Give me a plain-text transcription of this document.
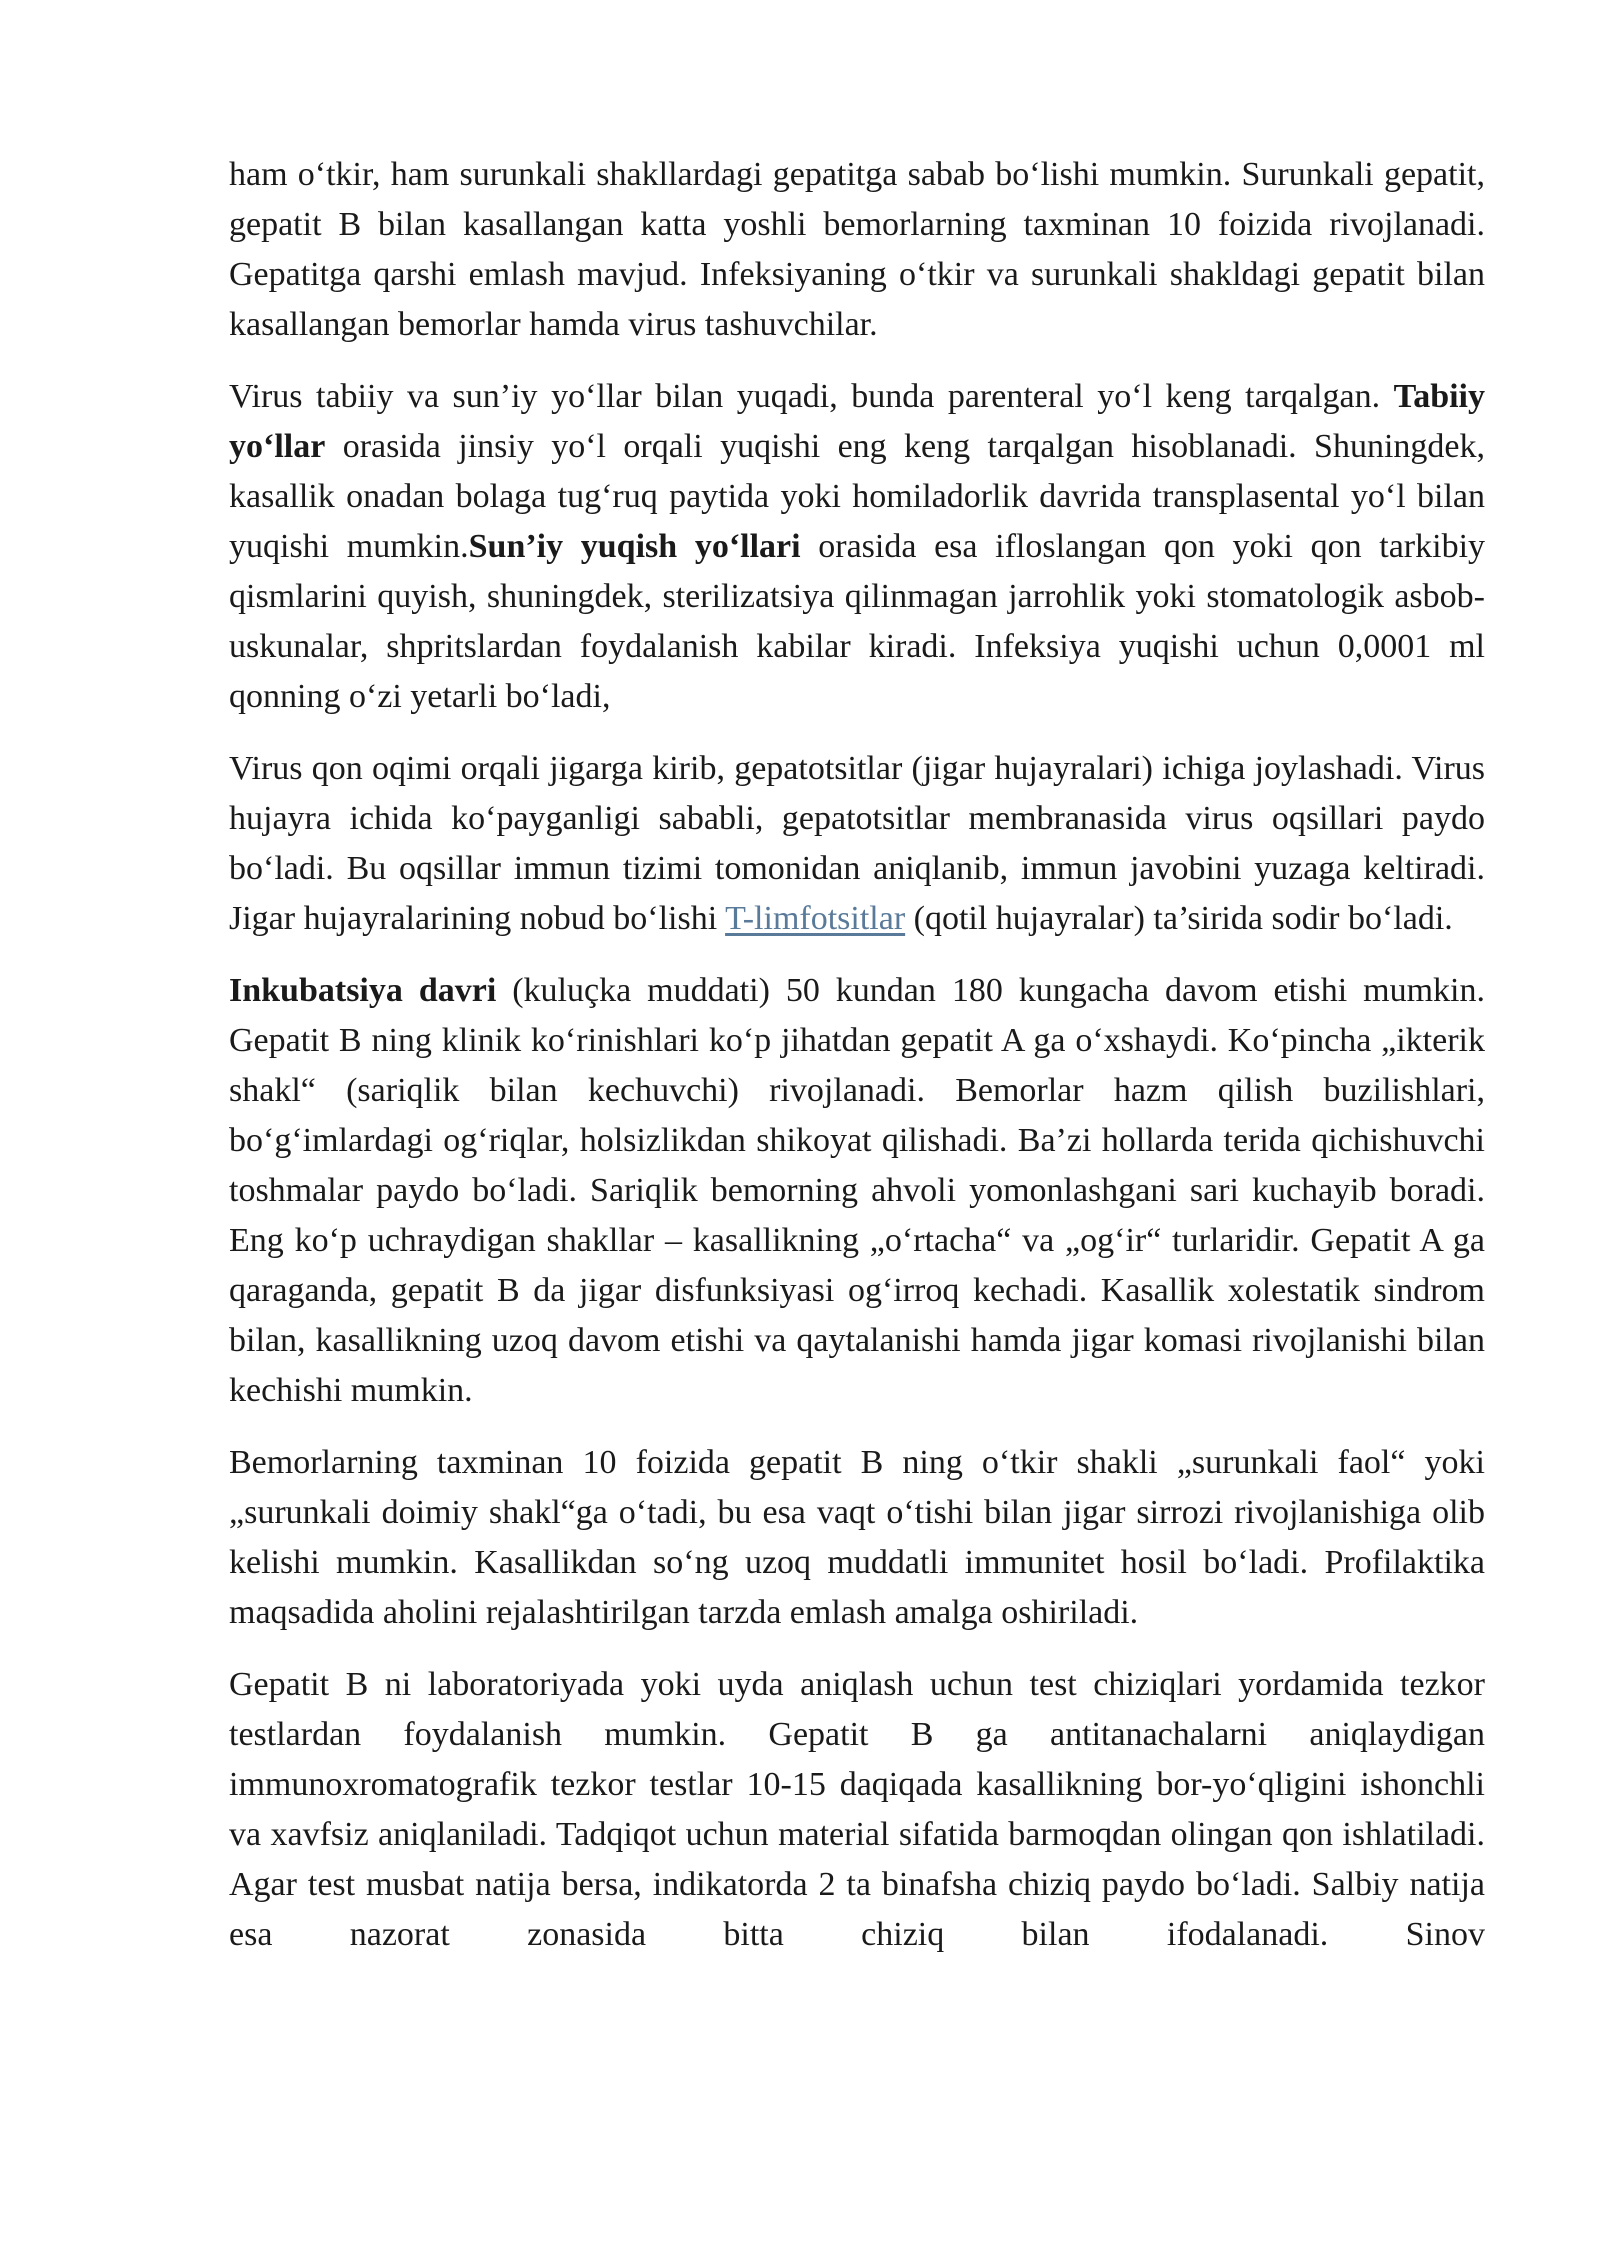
ham o‘tkir, ham surunkali shakllardagi gepatitga sabab bo‘lishi mumkin. Surunkali gepatit, gepatit B bilan kasallangan katta yoshli bemorlarning taxminan 10 foizida rivojlanadi. Gepatitga qarshi emlash mavjud. Infeksiyaning o‘tkir va surunkali shakldagi gepatit bilan kasallangan bemorlar hamda virus tashuvchilar.

Virus tabiiy va sun’iy yo‘llar bilan yuqadi, bunda parenteral yo‘l keng tarqalgan. Tabiiy yo‘llar orasida jinsiy yo‘l orqali yuqishi eng keng tarqalgan hisoblanadi. Shuningdek, kasallik onadan bolaga tug‘ruq paytida yoki homiladorlik davrida transplasental yo‘l bilan yuqishi mumkin.Sun’iy yuqish yo‘llari orasida esa ifloslangan qon yoki qon tarkibiy qismlarini quyish, shuningdek, sterilizatsiya qilinmagan jarrohlik yoki stomatologik asbob-uskunalar, shpritslardan foydalanish kabilar kiradi. Infeksiya yuqishi uchun 0,0001 ml qonning o‘zi yetarli bo‘ladi,

Virus qon oqimi orqali jigarga kirib, gepatotsitlar (jigar hujayralari) ichiga joylashadi. Virus hujayra ichida ko‘payganligi sababli, gepatotsitlar membranasida virus oqsillari paydo bo‘ladi. Bu oqsillar immun tizimi tomonidan aniqlanib, immun javobini yuzaga keltiradi. Jigar hujayralarining nobud bo‘lishi T-limfotsitlar (qotil hujayralar) ta’sirida sodir bo‘ladi.

Inkubatsiya davri (kuluçka muddati) 50 kundan 180 kungacha davom etishi mumkin. Gepatit B ning klinik ko‘rinishlari ko‘p jihatdan gepatit A ga o‘xshaydi. Ko‘pincha „ikterik shakl“ (sariqlik bilan kechuvchi) rivojlanadi. Bemorlar hazm qilish buzilishlari, bo‘g‘imlardagi og‘riqlar, holsizlikdan shikoyat qilishadi. Ba’zi hollarda terida qichishuvchi toshmalar paydo bo‘ladi. Sariqlik bemorning ahvoli yomonlashgani sari kuchayib boradi. Eng ko‘p uchraydigan shakllar – kasallikning „o‘rtacha“ va „og‘ir“ turlaridir. Gepatit A ga qaraganda, gepatit B da jigar disfunksiyasi og‘irroq kechadi. Kasallik xolestatik sindrom bilan, kasallikning uzoq davom etishi va qaytalanishi hamda jigar komasi rivojlanishi bilan kechishi mumkin.

Bemorlarning taxminan 10 foizida gepatit B ning o‘tkir shakli „surunkali faol“ yoki „surunkali doimiy shakl“ga o‘tadi, bu esa vaqt o‘tishi bilan jigar sirrozi rivojlanishiga olib kelishi mumkin. Kasallikdan so‘ng uzoq muddatli immunitet hosil bo‘ladi. Profilaktika maqsadida aholini rejalashtirilgan tarzda emlash amalga oshiriladi.

Gepatit B ni laboratoriyada yoki uyda aniqlash uchun test chiziqlari yordamida tezkor testlardan foydalanish mumkin. Gepatit B ga antitanachalarni aniqlaydigan immunoxromatografik tezkor testlar 10-15 daqiqada kasallikning bor-yo‘qligini ishonchli va xavfsiz aniqlaniladi. Tadqiqot uchun material sifatida barmoqdan olingan qon ishlatiladi. Agar test musbat natija bersa, indikatorda 2 ta binafsha chiziq paydo bo‘ladi. Salbiy natija esa nazorat zonasida bitta chiziq bilan ifodalanadi. Sinov
